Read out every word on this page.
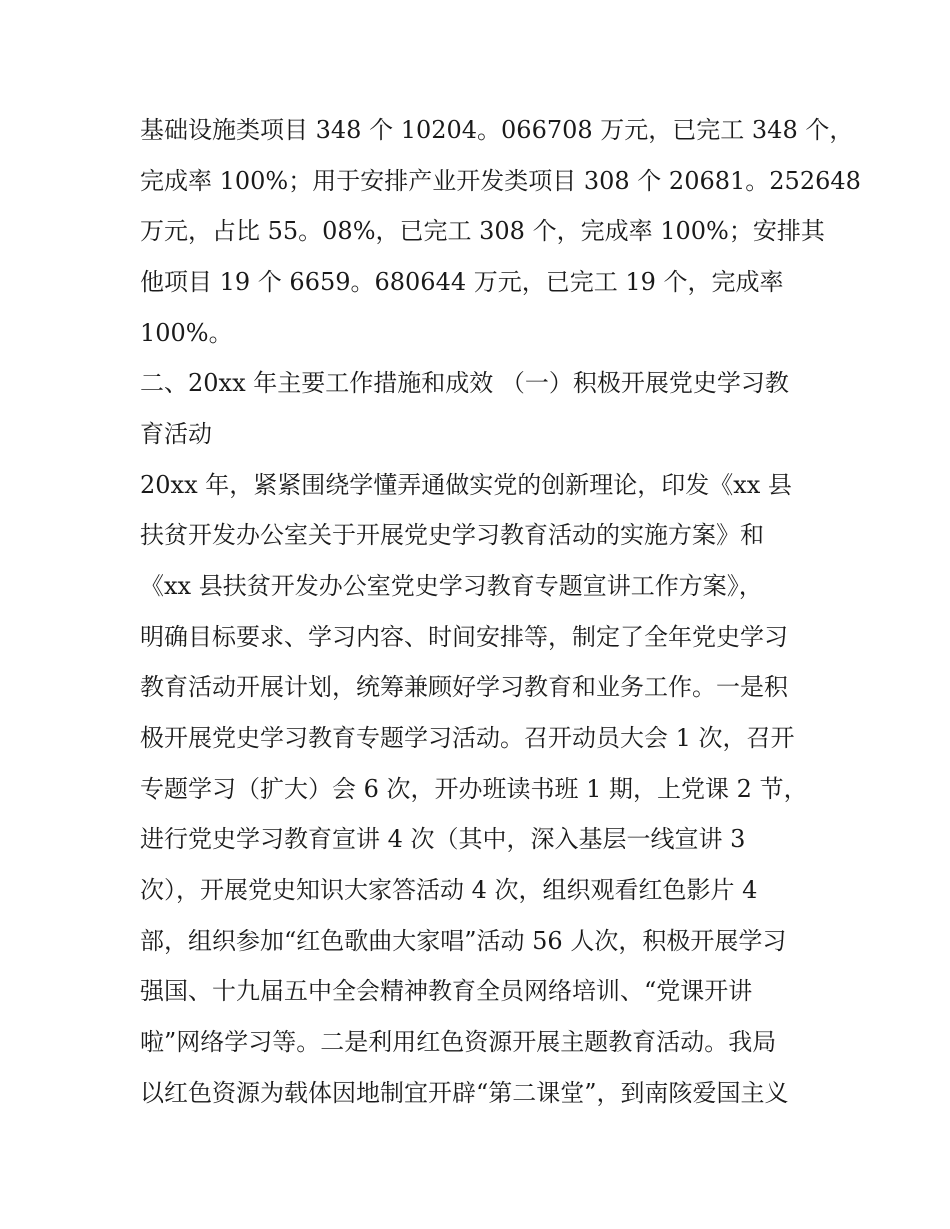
基础设施类项目 348 个 10204。066708 万元，已完工 348 个，
完成率 100%；用于安排产业开发类项目 308 个 20681。252648
万元，占比 55。08%，已完工 308 个，完成率 100%；安排其
他项目 19 个 6659。680644 万元，已完工 19 个，完成率
100%。
二、20xx 年主要工作措施和成效 （一）积极开展党史学习教
育活动
20xx 年，紧紧围绕学懂弄通做实党的创新理论，印发《xx 县
扶贫开发办公室关于开展党史学习教育活动的实施方案》和
《xx 县扶贫开发办公室党史学习教育专题宣讲工作方案》，
明确目标要求、学习内容、时间安排等，制定了全年党史学习
教育活动开展计划，统筹兼顾好学习教育和业务工作。一是积
极开展党史学习教育专题学习活动。召开动员大会 1 次，召开
专题学习（扩大）会 6 次，开办班读书班 1 期，上党课 2 节，
进行党史学习教育宣讲 4 次（其中，深入基层一线宣讲 3
次），开展党史知识大家答活动 4 次，组织观看红色影片 4
部，组织参加“红色歌曲大家唱”活动 56 人次，积极开展学习
强国、十九届五中全会精神教育全员网络培训、“党课开讲
啦”网络学习等。二是利用红色资源开展主题教育活动。我局
以红色资源为载体因地制宜开辟“第二课堂”，到南陔爱国主义
